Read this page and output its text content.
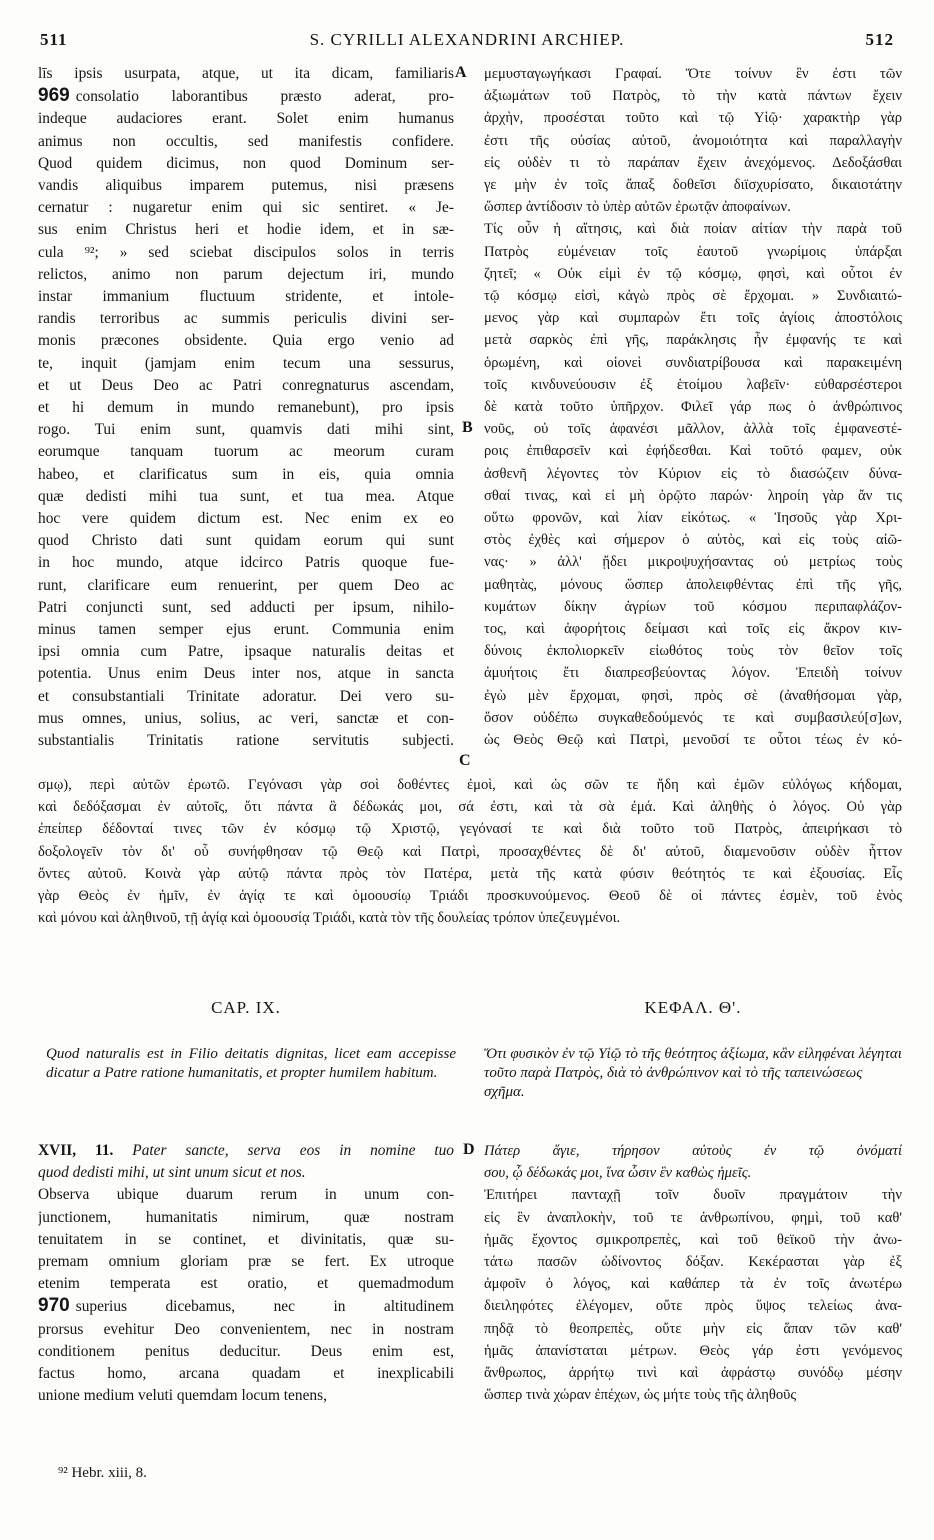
511	S. CYRILLI ALEXANDRINI ARCHIEP.	512
A
B
C
D
līs ipsis usurpata, atque, ut ita dicam, familiaris
969 consolatio laborantibus præsto aderat, pro-
indeque audaciores erant. Solet enim humanus
animus non occultis, sed manifestis confidere.
Quod quidem dicimus, non quod Dominum ser-
vandis aliquibus imparem putemus, nisi præsens
cernatur : nugaretur enim qui sic sentiret. « Je-
sus enim Christus heri et hodie idem, et in sæ-
cula ⁹²; » sed sciebat discipulos solos in terris
relictos, animo non parum dejectum iri, mundo
instar immanium fluctuum stridente, et intole-
randis terroribus ac summis periculis divini ser-
monis præcones obsidente. Quia ergo venio ad
te, inquit (jamjam enim tecum una sessurus,
et ut Deus Deo ac Patri conregnaturus ascendam,
et hi demum in mundo remanebunt), pro ipsis
rogo. Tui enim sunt, quamvis dati mihi sint,
eorumque tanquam tuorum ac meorum curam
habeo, et clarificatus sum in eis, quia omnia
quæ dedisti mihi tua sunt, et tua mea. Atque
hoc vere quidem dictum est. Nec enim ex eo
quod Christo dati sunt quidam eorum qui sunt
in hoc mundo, atque idcirco Patris quoque fue-
runt, clarificare eum renuerint, per quem Deo ac
Patri conjuncti sunt, sed adducti per ipsum, nihilo-
minus tamen semper ejus erunt. Communia enim
ipsi omnia cum Patre, ipsaque naturalis deitas et
potentia. Unus enim Deus inter nos, atque in sancta
et consubstantiali Trinitate adoratur. Dei vero su-
mus omnes, unius, solius, ac veri, sanctæ et con-
substantialis Trinitatis ratione servitutis subjecti.
μεμυσταγωγήκασι Γραφαί. Ὅτε τοίνυν ἓν ἐστι τῶν
ἀξιωμάτων τοῦ Πατρὸς, τὸ τὴν κατὰ πάντων ἔχειν
ἀρχὴν, προσέσται τοῦτο καὶ τῷ Υἱῷ· χαρακτὴρ γὰρ
ἐστι τῆς οὐσίας αὐτοῦ, ἀνομοιότητα καὶ παραλλαγὴν
εἰς οὐδὲν τι τὸ παράπαν ἔχειν ἀνεχόμενος. Δεδοξάσθαι
γε μὴν ἐν τοῖς ἅπαξ δοθεῖσι διϊσχυρίσατο, δικαιοτάτην
ὥσπερ ἀντίδοσιν τὸ ὑπὲρ αὐτῶν ἐρωτᾷν ἀποφαίνων.
Τίς οὖν ἡ αἴτησις, καὶ διὰ ποίαν αἰτίαν τὴν παρὰ τοῦ
Πατρὸς εὐμένειαν τοῖς ἑαυτοῦ γνωρίμοις ὑπάρξαι
ζητεῖ; « Οὐκ εἰμὶ ἐν τῷ κόσμῳ, φησὶ, καὶ οὗτοι ἐν
τῷ κόσμῳ εἰσὶ, κἀγὼ πρὸς σὲ ἔρχομαι. » Συνδιαιτώ-
μενος γὰρ καὶ συμπαρὼν ἔτι τοῖς ἁγίοις ἀποστόλοις
μετὰ σαρκὸς ἐπὶ γῆς, παράκλησις ἦν ἐμφανής τε καὶ
ὁρωμένη, καὶ οἱονεὶ συνδιατρίβουσα καὶ παρακειμένη
τοῖς κινδυνεύουσιν ἐξ ἑτοίμου λαβεῖν· εὐθαρσέστεροι
δὲ κατὰ τοῦτο ὑπῆρχον. Φιλεῖ γάρ πως ὁ ἀνθρώπινος
νοῦς, οὐ τοῖς ἀφανέσι μᾶλλον, ἀλλὰ τοῖς ἐμφανεστέ-
ροις ἐπιθαρσεῖν καὶ ἐφήδεσθαι. Καὶ τοῦτό φαμεν, οὐκ
ἀσθενῆ λέγοντες τὸν Κύριον εἰς τὸ διασώζειν δύνα-
σθαί τινας, καὶ εἰ μὴ ὁρῷτο παρών· ληροίη γὰρ ἄν τις
οὕτω φρονῶν, καὶ λίαν εἰκότως. « Ἰησοῦς γὰρ Χρι-
στὸς ἐχθὲς καὶ σήμερον ὁ αὐτὸς, καὶ εἰς τοὺς αἰῶ-
νας· » ἀλλ' ᾔδει μικροψυχήσαντας οὐ μετρίως τοὺς
μαθητὰς, μόνους ὥσπερ ἀπολειφθέντας ἐπὶ τῆς γῆς,
κυμάτων δίκην ἀγρίων τοῦ κόσμου περιπαφλάζον-
τος, καὶ ἀφορήτοις δείμασι καὶ τοῖς εἰς ἄκρον κιν-
δύνοις ἐκπολιορκεῖν εἰωθότος τοὺς τὸν θεῖον τοῖς
ἀμυήτοις ἔτι διαπρεσβεύοντας λόγον. Ἐπειδὴ τοίνυν
ἐγὼ μὲν ἔρχομαι, φησὶ, πρὸς σὲ (ἀναθήσομαι γὰρ,
ὅσον οὐδέπω συγκαθεδούμενός τε καὶ συμβασιλεύ[σ]ων,
ὡς Θεὸς Θεῷ καὶ Πατρὶ, μενοῦσί τε οὗτοι τέως ἐν κό-
σμῳ), περὶ αὐτῶν ἐρωτῶ. Γεγόνασι γὰρ σοὶ δοθέντες ἐμοὶ, καὶ ὡς σῶν τε ἤδη καὶ ἐμῶν εὐλόγως κήδομαι,
καὶ δεδόξασμαι ἐν αὐτοῖς, ὅτι πάντα ἃ δέδωκάς μοι, σά ἐστι, καὶ τὰ σὰ ἐμά. Καὶ ἀληθὴς ὁ λόγος. Οὐ γὰρ
ἐπείπερ δέδονταί τινες τῶν ἐν κόσμῳ τῷ Χριστῷ, γεγόνασί τε καὶ διὰ τοῦτο τοῦ Πατρὸς, ἀπειρήκασι τὸ
δοξολογεῖν τὸν δι' οὗ συνήφθησαν τῷ Θεῷ καὶ Πατρὶ, προσαχθέντες δὲ δι' αὐτοῦ, διαμενοῦσιν οὐδὲν ἧττον
ὄντες αὐτοῦ. Κοινὰ γὰρ αὐτῷ πάντα πρὸς τὸν Πατέρα, μετὰ τῆς κατὰ φύσιν θεότητός τε καὶ ἐξουσίας. Εἷς
γὰρ Θεὸς ἐν ἡμῖν, ἐν ἁγίᾳ τε καὶ ὁμοουσίῳ Τριάδι προσκυνούμενος. Θεοῦ δὲ οἱ πάντες ἐσμὲν, τοῦ ἑνὸς
καὶ μόνου καὶ ἀληθινοῦ, τῇ ἁγίᾳ καὶ ὁμοουσίᾳ Τριάδι, κατὰ τὸν τῆς δουλείας τρόπον ὑπεζευγμένοι.
CAP. IX.	ΚΕΦΑΛ. Θ'.
Quod naturalis est in Filio deitatis dignitas, licet eam accepisse dicatur a Patre ratione humanitatis, et propter humilem habitum.
Ὅτι φυσικὸν ἐν τῷ Υἱῷ τὸ τῆς θεότητος ἀξίωμα, κἂν εἰληφέναι λέγηται τοῦτο παρὰ Πατρὸς, διὰ τὸ ἀνθρώπινον καὶ τὸ τῆς ταπεινώσεως σχῆμα.
XVII, 11. Pater sancte, serva eos in nomine tuo
quod dedisti mihi, ut sint unum sicut et nos.
Observa ubique duarum rerum in unum con-
junctionem, humanitatis nimirum, quæ nostram
tenuitatem in se continet, et divinitatis, quæ su-
premam omnium gloriam præ se fert. Ex utroque
etenim temperata est oratio, et quemadmodum
970 superius dicebamus, nec in altitudinem
prorsus evehitur Deo convenientem, nec in nostram
conditionem penitus deducitur. Deus enim est,
factus homo, arcana quadam et inexplicabili
unione medium veluti quemdam locum tenens,
Πάτερ ἅγιε, τήρησον αὐτοὺς ἐν τῷ ὀνόματί
σου, ᾧ δέδωκάς μοι, ἵνα ὦσιν ἓν καθὼς ἡμεῖς.
Ἐπιτήρει πανταχῇ τοῖν δυοῖν πραγμάτοιν τὴν
εἰς ἓν ἀναπλοκὴν, τοῦ τε ἀνθρωπίνου, φημὶ, τοῦ καθ'
ἡμᾶς ἔχοντος σμικροπρεπὲς, καὶ τοῦ θεϊκοῦ τὴν ἀνω-
τάτω πασῶν ὠδίνοντος δόξαν. Κεκέρασται γὰρ ἐξ
ἀμφοῖν ὁ λόγος, καὶ καθάπερ τὰ ἐν τοῖς ἀνωτέρω
διειληφότες ἐλέγομεν, οὔτε πρὸς ὕψος τελείως ἀνα-
πηδᾷ τὸ θεοπρεπὲς, οὔτε μὴν εἰς ἅπαν τῶν καθ'
ἡμᾶς ἀπανίσταται μέτρων. Θεὸς γάρ ἐστι γενόμενος
ἄνθρωπος, ἀρρήτῳ τινὶ καὶ ἀφράστῳ συνόδῳ μέσην
ὥσπερ τινὰ χώραν ἐπέχων, ὡς μήτε τοὺς τῆς ἀληθοῦς
⁹² Hebr. xiii, 8.
